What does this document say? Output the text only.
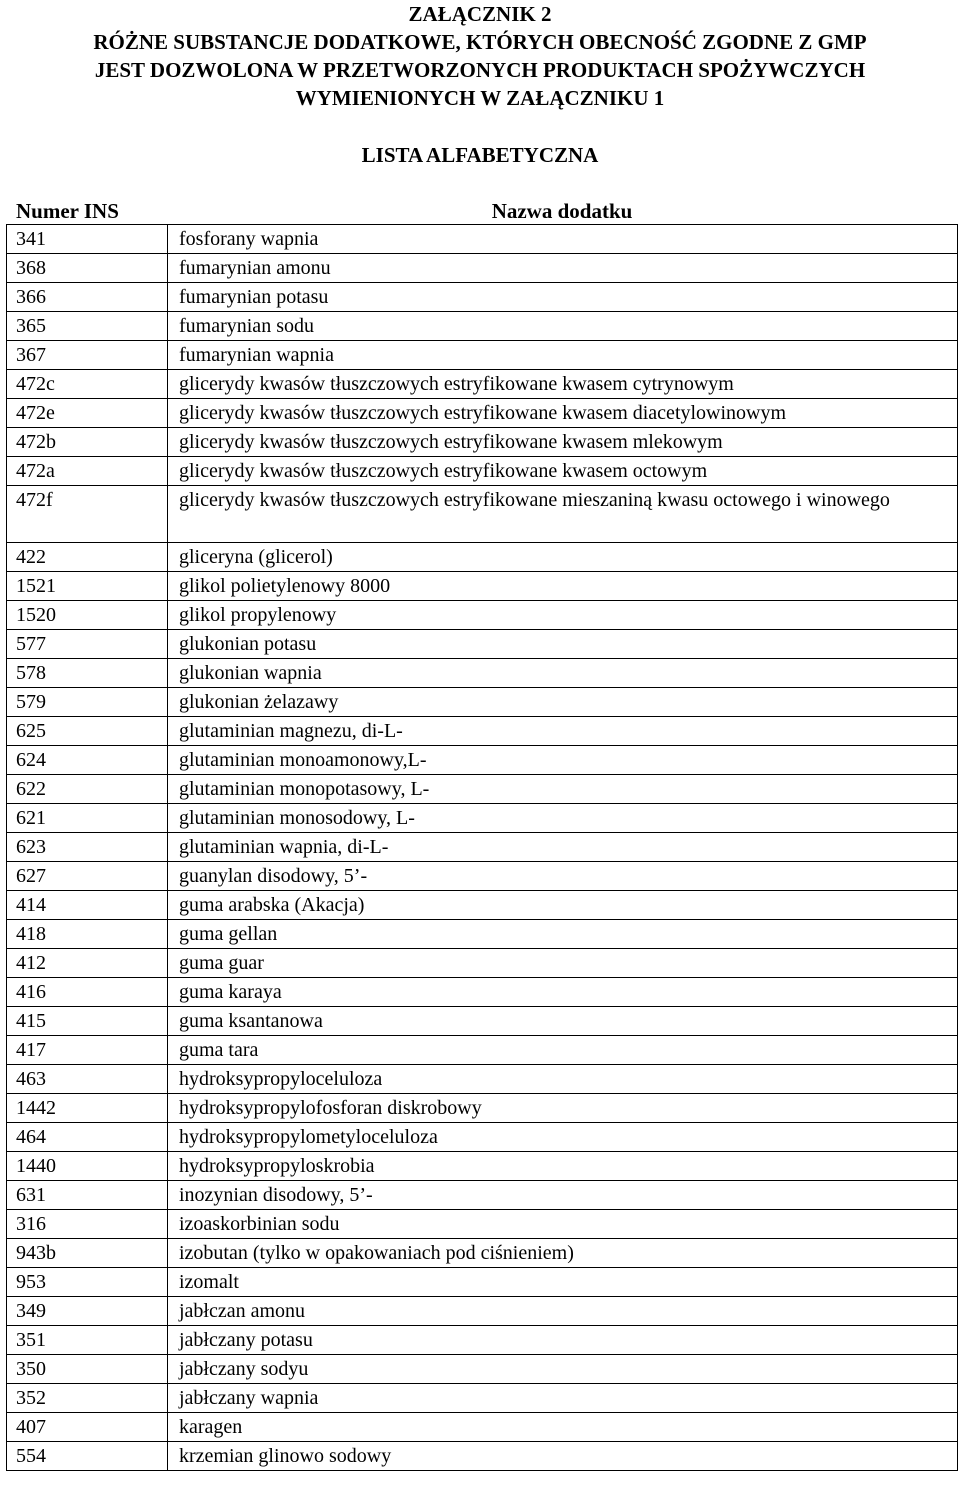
ZAŁĄCZNIK 2
RÓŻNE SUBSTANCJE DODATKOWE, KTÓRYCH OBECNOŚĆ ZGODNE Z GMP
JEST DOZWOLONA W PRZETWORZONYCH PRODUKTACH SPOŻYWCZYCH
WYMIENIONYCH W ZAŁĄCZNIKU 1
LISTA ALFABETYCZNA
Numer INS	Nazwa dodatku
341	fosforany wapnia
368	fumarynian amonu
366	fumarynian potasu
365	fumarynian sodu
367	fumarynian wapnia
472c	glicerydy kwasów tłuszczowych estryfikowane kwasem cytrynowym
472e	glicerydy kwasów tłuszczowych estryfikowane kwasem diacetylowinowym
472b	glicerydy kwasów tłuszczowych estryfikowane kwasem mlekowym
472a	glicerydy kwasów tłuszczowych estryfikowane kwasem octowym
472f	glicerydy kwasów tłuszczowych estryfikowane mieszaniną kwasu octowego i winowego
422	gliceryna (glicerol)
1521	glikol polietylenowy 8000
1520	glikol propylenowy
577	glukonian potasu
578	glukonian wapnia
579	glukonian żelazawy
625	glutaminian magnezu, di-L-
624	glutaminian monoamonowy,L-
622	glutaminian monopotasowy, L-
621	glutaminian monosodowy, L-
623	glutaminian wapnia, di-L-
627	guanylan disodowy, 5’-
414	guma arabska (Akacja)
418	guma gellan
412	guma guar
416	guma karaya
415	guma ksantanowa
417	guma tara
463	hydroksypropyloceluloza
1442	hydroksypropylofosforan diskrobowy
464	hydroksypropylometyloceluloza
1440	hydroksypropyloskrobia
631	inozynian disodowy, 5’-
316	izoaskorbinian sodu
943b	izobutan (tylko w opakowaniach pod ciśnieniem)
953	izomalt
349	jabłczan amonu
351	jabłczany potasu
350	jabłczany sodyu
352	jabłczany wapnia
407	karagen
554	krzemian glinowo sodowy
